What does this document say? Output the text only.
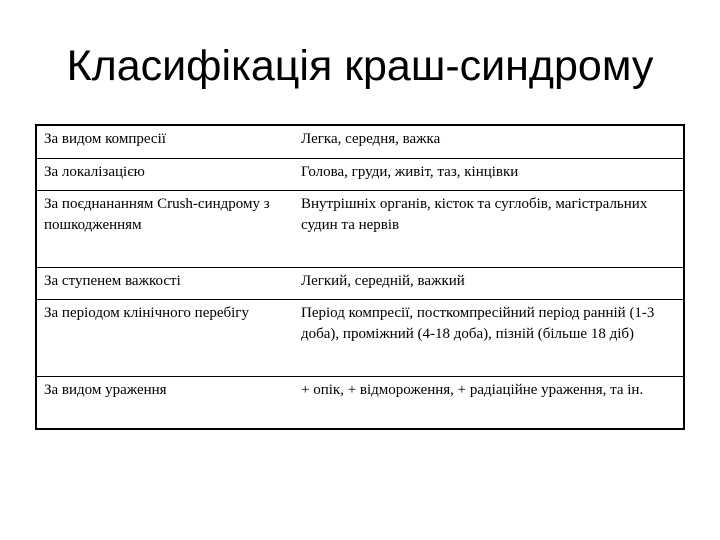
Класифікація краш-синдрому
За видом компресії	Легка, середня, важка
За локалізацією	Голова, груди, живіт, таз, кінцівки
За поєднананням Crush-синдрому з пошкодженням	Внутрішніх органів, кісток та суглобів, магістральних судин та нервів
За ступенем важкості	Легкий, середній, важкий
За періодом клінічного перебігу	Період компресії, посткомпресійний період ранній (1-3 доба), проміжний (4-18 доба), пізній (більше 18 діб)
За видом ураження	+ опік, + відмороження, + радіаційне ураження, та ін.
